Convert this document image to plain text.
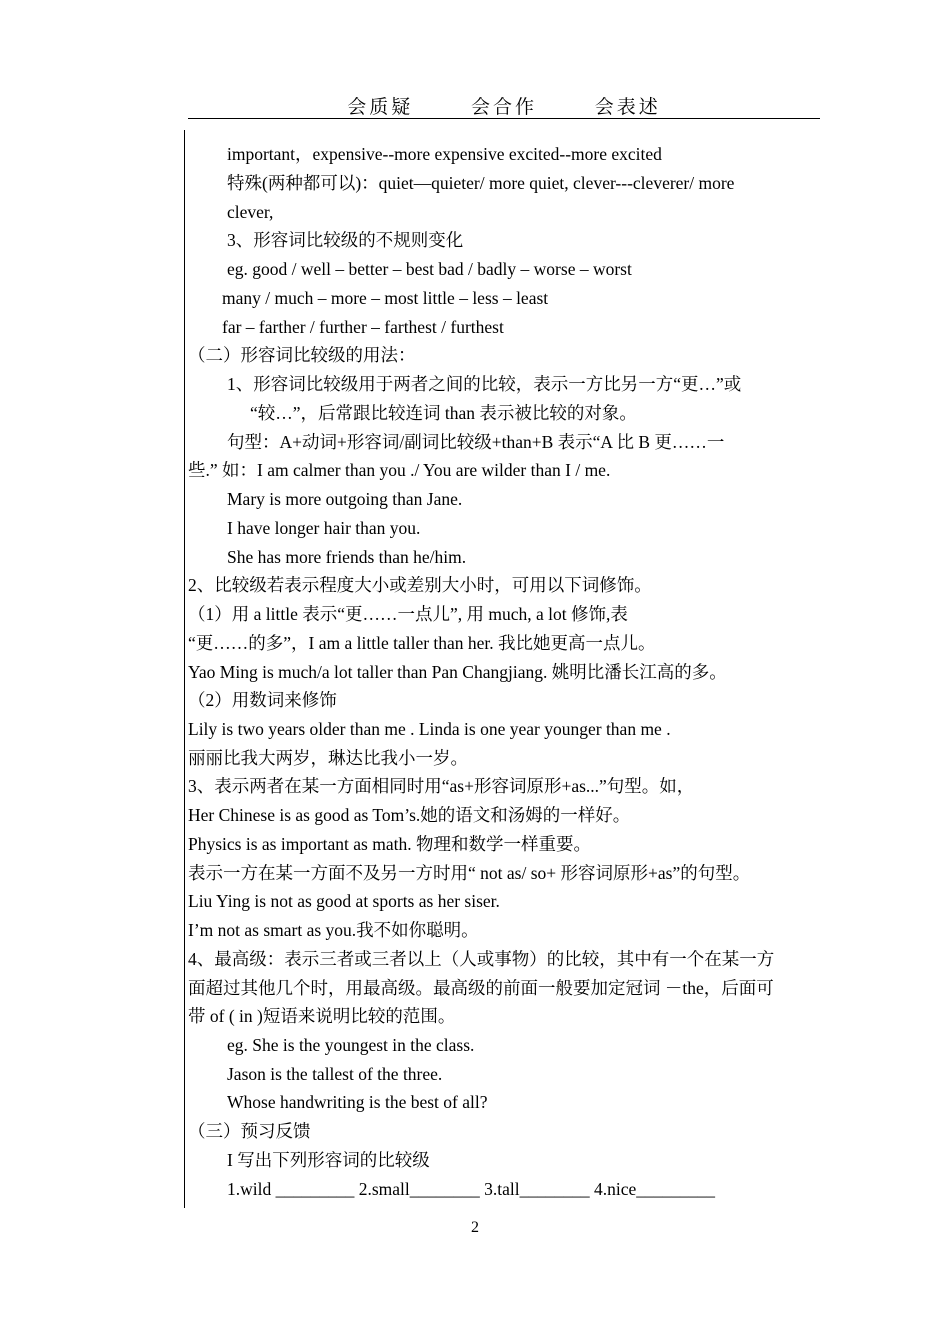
会质疑	会合作	会表述
important，expensive--more expensive excited--more excited
特殊(两种都可以)：quiet—quieter/ more quiet, clever---cleverer/ more
clever,
3、形容词比较级的不规则变化
eg. good / well – better – best bad / badly – worse – worst
many / much – more – most little – less – least
far – farther / further – farthest / furthest
（二）形容词比较级的用法：
1、形容词比较级用于两者之间的比较，表示一方比另一方“更…”或
“较…”，后常跟比较连词 than 表示被比较的对象。
句型：A+动词+形容词/副词比较级+than+B 表示“A 比 B 更……一
些.” 如：I am calmer than you ./ You are wilder than I / me.
Mary is more outgoing than Jane.
I have longer hair than you.
She has more friends than he/him.
2、比较级若表示程度大小或差别大小时，可用以下词修饰。
（1）用 a little 表示“更……一点儿”, 用 much, a lot 修饰,表
“更……的多”，I am a little taller than her. 我比她更高一点儿。
Yao Ming is much/a lot taller than Pan Changjiang. 姚明比潘长江高的多。
（2）用数词来修饰
Lily is two years older than me . Linda is one year younger than me .
丽丽比我大两岁，琳达比我小一岁。
3、表示两者在某一方面相同时用“as+形容词原形+as...”句型。如，
Her Chinese is as good as Tom’s.她的语文和汤姆的一样好。
Physics is as important as math. 物理和数学一样重要。
表示一方在某一方面不及另一方时用“ not as/ so+ 形容词原形+as”的句型。
Liu Ying is not as good at sports as her siser.
I’m not as smart as you.我不如你聪明。
4、最高级：表示三者或三者以上（人或事物）的比较，其中有一个在某一方
面超过其他几个时，用最高级。最高级的前面一般要加定冠词 －the，后面可
带 of ( in )短语来说明比较的范围。
eg. She is the youngest in the class.
Jason is the tallest of the three.
Whose handwriting is the best of all?
（三）预习反馈
I 写出下列形容词的比较级
1.wild _________ 2.small________ 3.tall________ 4.nice_________
2
